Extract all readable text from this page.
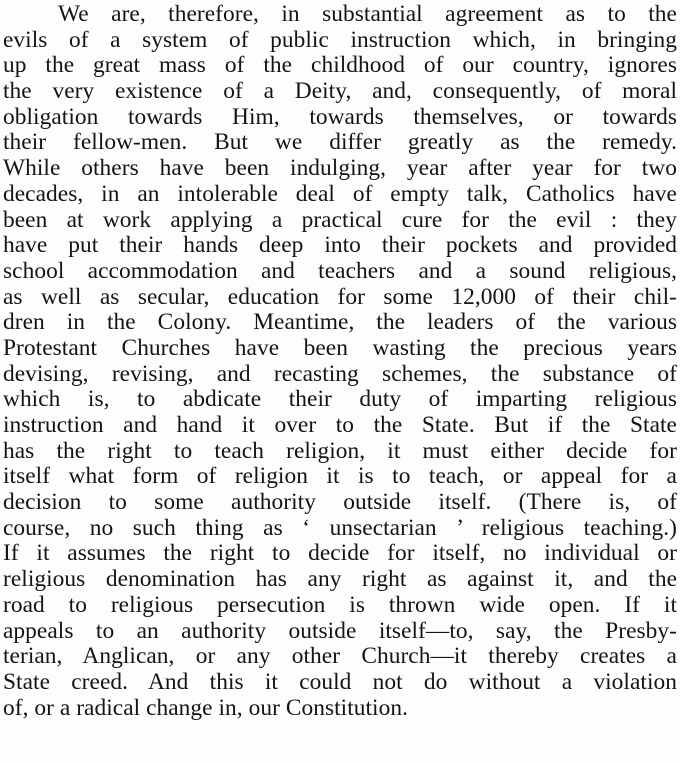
We are, therefore, in substantial agreement as to the
evils of a system of public instruction which, in bringing
up the great mass of the childhood of our country, ignores
the very existence of a Deity, and, consequently, of moral
obligation towards Him, towards themselves, or towards
their fellow-men. But we differ greatly as the remedy.
While others have been indulging, year after year for two
decades, in an intolerable deal of empty talk, Catholics have
been at work applying a practical cure for the evil : they
have put their hands deep into their pockets and provided
school accommodation and teachers and a sound religious,
as well as secular, education for some 12,000 of their chil-
dren in the Colony. Meantime, the leaders of the various
Protestant Churches have been wasting the precious years
devising, revising, and recasting schemes, the substance of
which is, to abdicate their duty of imparting religious
instruction and hand it over to the State. But if the State
has the right to teach religion, it must either decide for
itself what form of religion it is to teach, or appeal for a
decision to some authority outside itself. (There is, of
course, no such thing as ‘ unsectarian ’ religious teaching.)
If it assumes the right to decide for itself, no individual or
religious denomination has any right as against it, and the
road to religious persecution is thrown wide open. If it
appeals to an authority outside itself—to, say, the Presby-
terian, Anglican, or any other Church—it thereby creates a
State creed. And this it could not do without a violation
of, or a radical change in, our Constitution.
